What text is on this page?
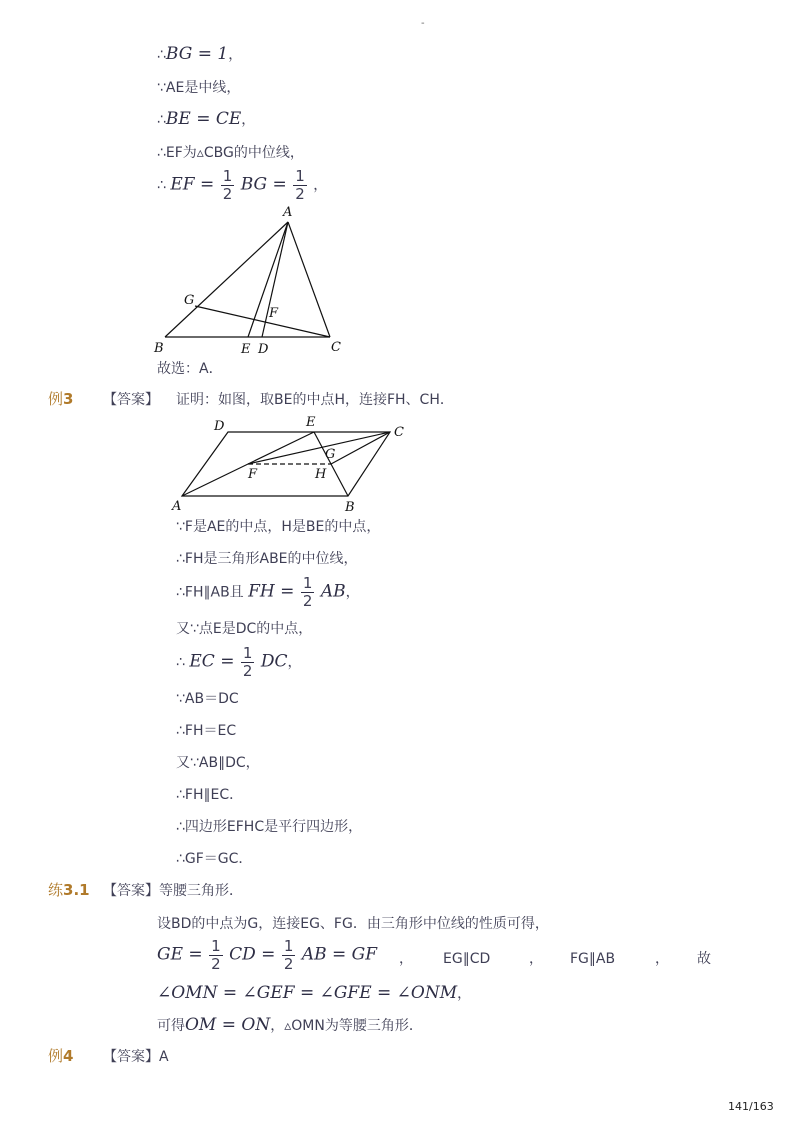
-
∴BG = 1，
∵AE是中线，
∴BE = CE，
∴EF为▵CBG的中位线，
∴ EF = $\frac{1}{2}$ BG = $\frac{1}{2}$ ，
A
B	C
D
E
F
G
故选：A．
例3 【答案】 证明：如图，取BE的中点H，连接FH、CH．
A	B
C
D	E
F
G
H
∵F是AE的中点，H是BE的中点，
∴FH是三角形ABE的中位线，
∴FH∥AB且 FH = $\frac{1}{2}$ AB，
又∵点E是DC的中点，
∴ EC = $\frac{1}{2}$ DC，
∵AB＝DC
∴FH＝EC
又∵AB∥DC，
∴FH∥EC．
∴四边形EFHC是平行四边形，
∴GF＝GC．
练3.1 【答案】等腰三角形．
设BD的中点为G，连接EG、FG．由三角形中位线的性质可得，
GE = $\frac{1}{2}$ CD = $\frac{1}{2}$ AB = GF ， EG∥CD	， FG∥AB	， 故
∠OMN = ∠GEF = ∠GFE = ∠ONM，
可得OM = ON，▵OMN为等腰三角形．
例4 【答案】A
141/163
